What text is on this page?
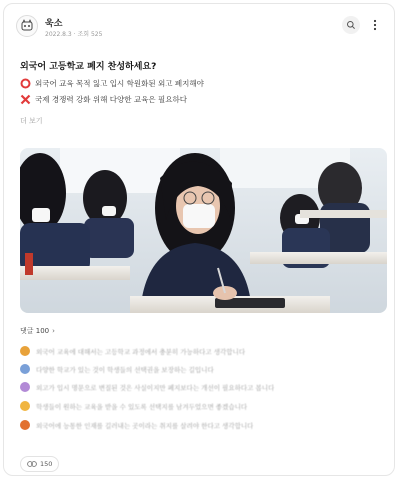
욱소
2022.8.3 · 조회 525
외국어 고등학교 폐지 찬성하세요?
외국어 교육 목적 잃고 입시 학원화된 외고 폐지해야
국제 경쟁력 강화 위해 다양한 교육은 필요하다
더 보기
댓글 100 ›
외국어 교육에 대해서는 고등학교 과정에서 충분히 가능하다고 생각합니다
다양한 학교가 있는 것이 학생들의 선택권을 보장하는 길입니다
외고가 입시 명문으로 변질된 것은 사실이지만 폐지보다는 개선이 필요하다고 봅니다
학생들이 원하는 교육을 받을 수 있도록 선택지를 남겨두었으면 좋겠습니다
외국어에 능통한 인재를 길러내는 곳이라는 취지를 살려야 한다고 생각합니다
150
